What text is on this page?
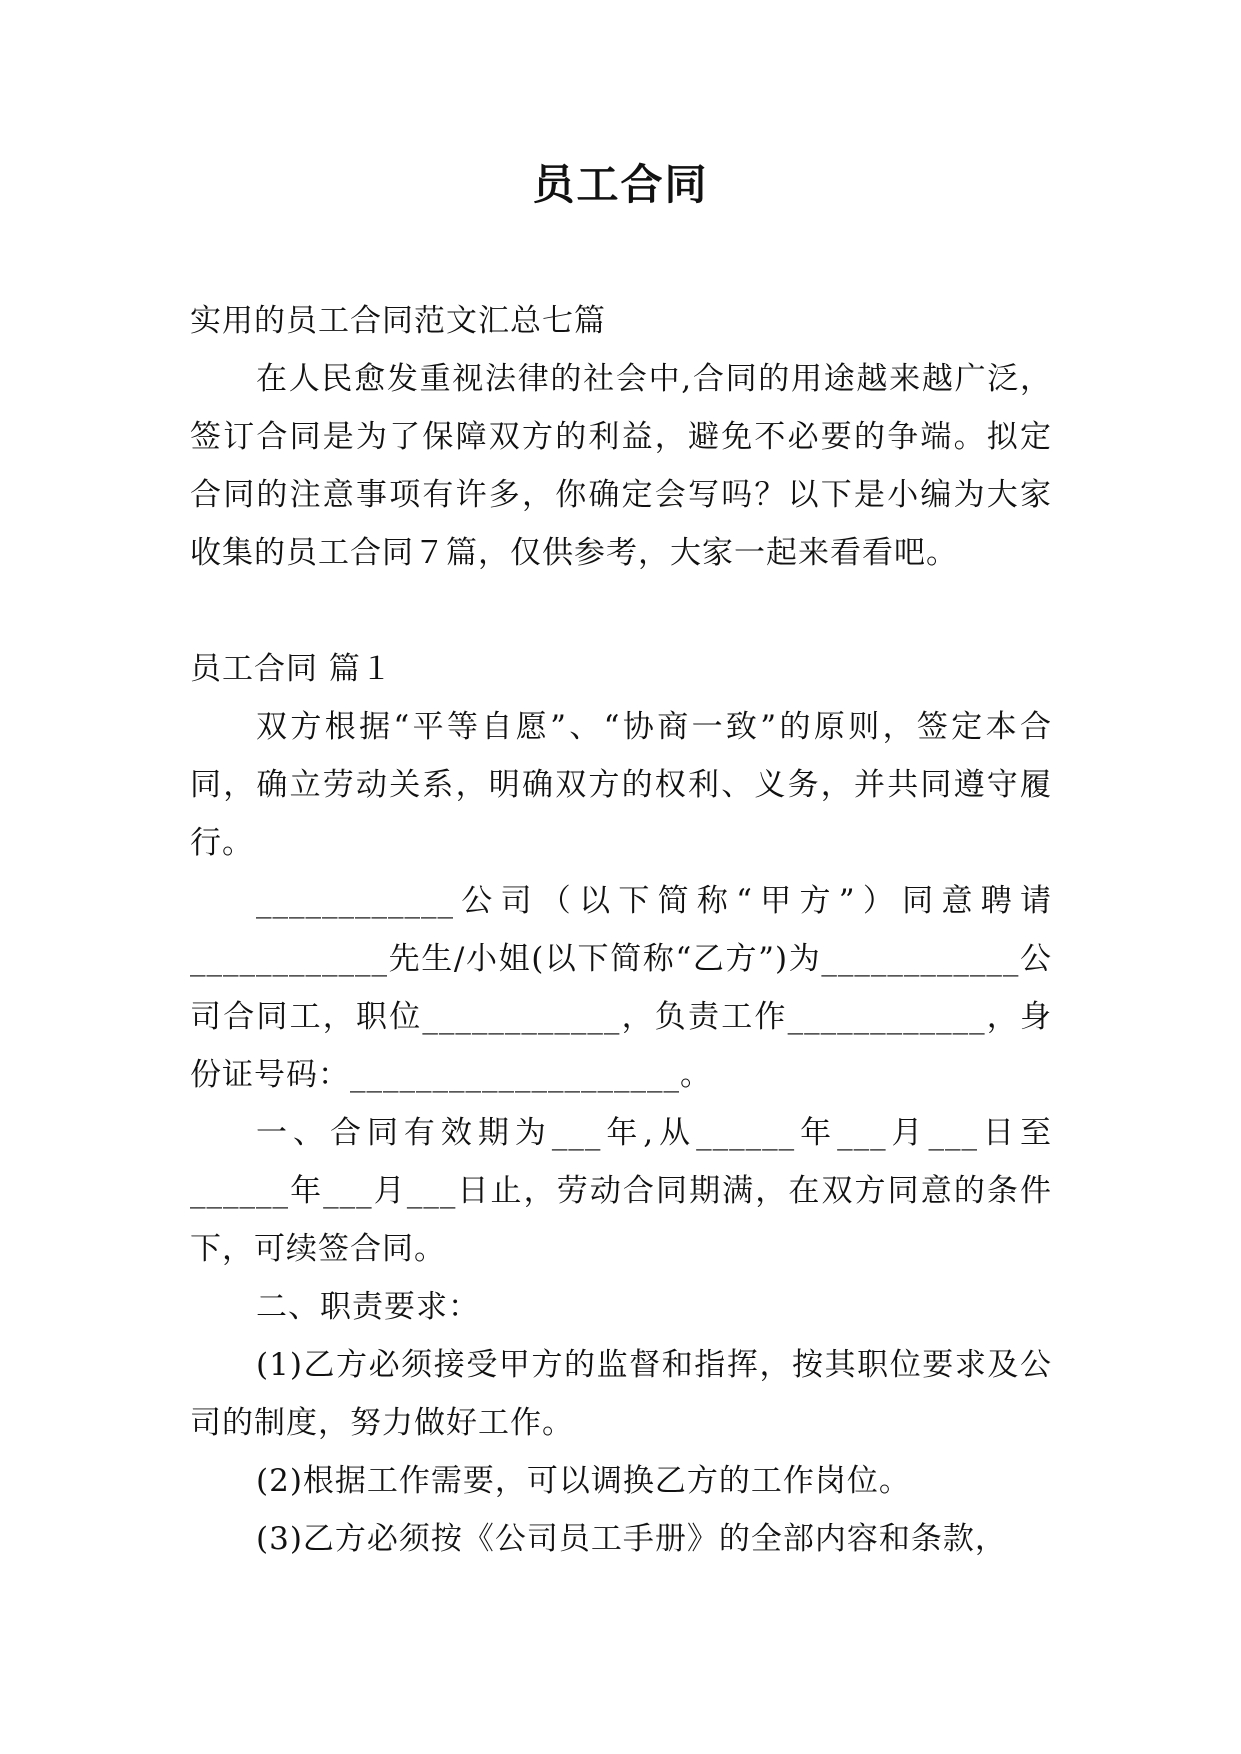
员工合同

实用的员工合同范文汇总七篇

在人民愈发重视法律的社会中,合同的用途越来越广泛，签订合同是为了保障双方的利益，避免不必要的争端。拟定合同的注意事项有许多，你确定会写吗？以下是小编为大家收集的员工合同７篇，仅供参考，大家一起来看看吧。

员工合同 篇１

双方根据“平等自愿”、“协商一致”的原则，签定本合同，确立劳动关系，明确双方的权利、义务，并共同遵守履行。

____________公司（以下简称“甲方”）同意聘请____________先生/小姐(以下简称“乙方”)为____________公司合同工，职位____________，负责工作____________，身份证号码：____________________。

一、合同有效期为___年,从______年___月___日至______年___月___日止，劳动合同期满，在双方同意的条件下，可续签合同。

二、职责要求：

(1)乙方必须接受甲方的监督和指挥，按其职位要求及公司的制度，努力做好工作。

(2)根据工作需要，可以调换乙方的工作岗位。

(3)乙方必须按《公司员工手册》的全部内容和条款，
